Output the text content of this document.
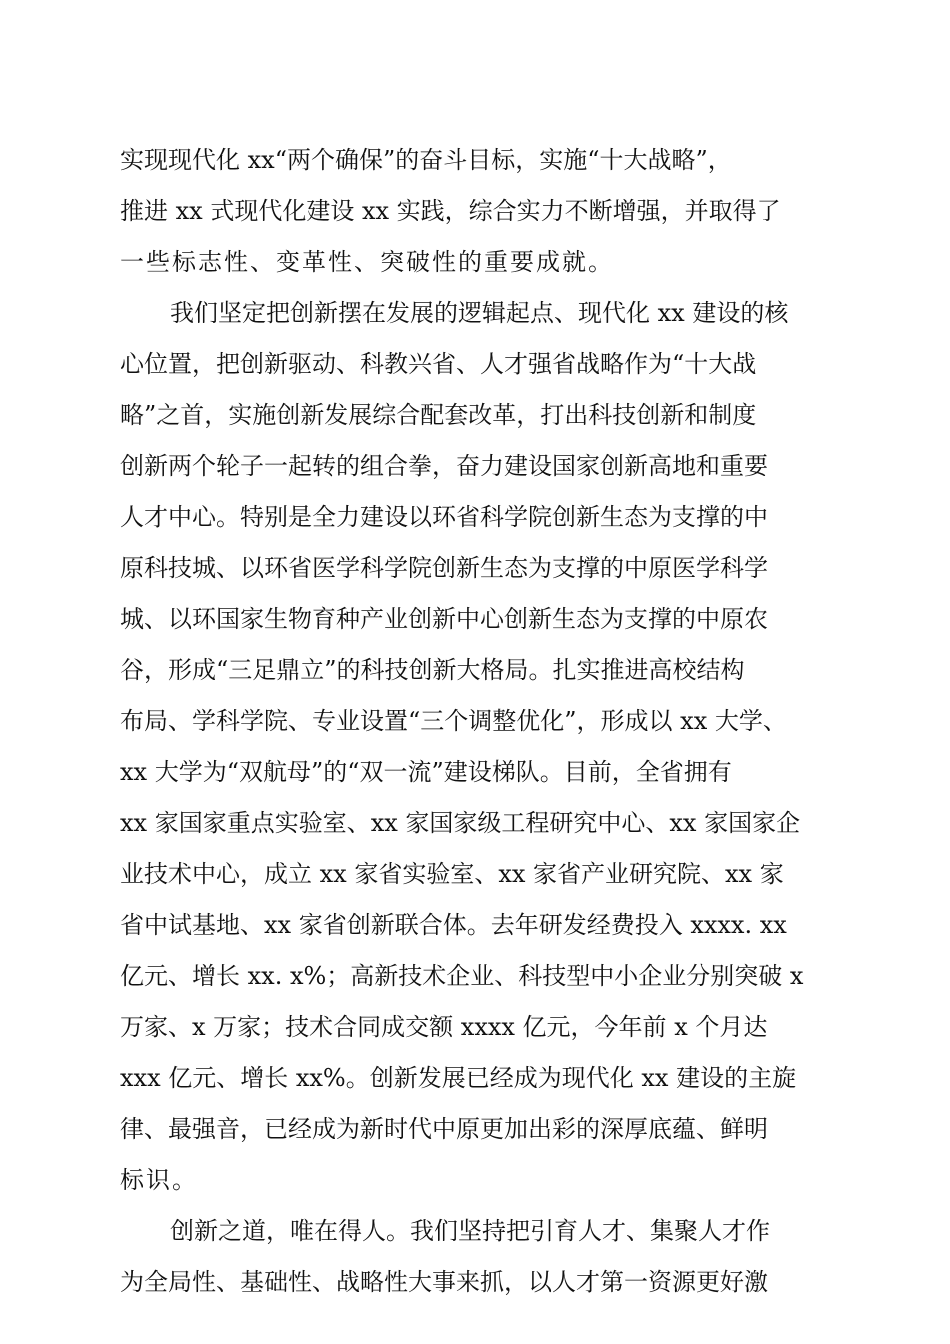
实现现代化 xx“两个确保”的奋斗目标，实施“十大战略”，
推进 xx 式现代化建设 xx 实践，综合实力不断增强，并取得了
一些标志性、变革性、突破性的重要成就。
我们坚定把创新摆在发展的逻辑起点、现代化 xx 建设的核
心位置，把创新驱动、科教兴省、人才强省战略作为“十大战
略”之首，实施创新发展综合配套改革，打出科技创新和制度
创新两个轮子一起转的组合拳，奋力建设国家创新高地和重要
人才中心。特别是全力建设以环省科学院创新生态为支撑的中
原科技城、以环省医学科学院创新生态为支撑的中原医学科学
城、以环国家生物育种产业创新中心创新生态为支撑的中原农
谷，形成“三足鼎立”的科技创新大格局。扎实推进高校结构
布局、学科学院、专业设置“三个调整优化”，形成以 xx 大学、
xx 大学为“双航母”的“双一流”建设梯队。目前，全省拥有
xx 家国家重点实验室、xx 家国家级工程研究中心、xx 家国家企
业技术中心，成立 xx 家省实验室、xx 家省产业研究院、xx 家
省中试基地、xx 家省创新联合体。去年研发经费投入 xxxx. xx
亿元、增长 xx. x%；高新技术企业、科技型中小企业分别突破 x
万家、x 万家；技术合同成交额 xxxx 亿元，今年前 x 个月达
xxx 亿元、增长 xx%。创新发展已经成为现代化 xx 建设的主旋
律、最强音，已经成为新时代中原更加出彩的深厚底蕴、鲜明
标识。
创新之道，唯在得人。我们坚持把引育人才、集聚人才作
为全局性、基础性、战略性大事来抓，以人才第一资源更好激
